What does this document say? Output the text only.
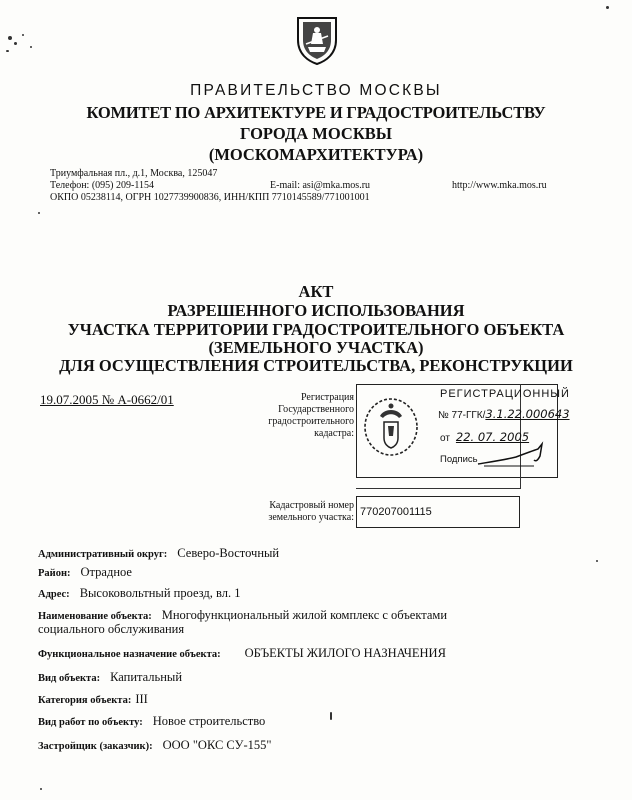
ПРАВИТЕЛЬСТВО МОСКВЫ
КОМИТЕТ ПО АРХИТЕКТУРЕ И ГРАДОСТРОИТЕЛЬСТВУ
ГОРОДА МОСКВЫ
(МОСКОМАРХИТЕКТУРА)
Триумфальная пл., д.1, Москва, 125047
Телефон: (095) 209-1154	E-mail: asi@mka.mos.ru	http://www.mka.mos.ru
ОКПО 05238114, ОГРН 1027739900836, ИНН/КПП 7710145589/771001001
АКТ
РАЗРЕШЕННОГО ИСПОЛЬЗОВАНИЯ
УЧАСТКА ТЕРРИТОРИИ ГРАДОСТРОИТЕЛЬНОГО ОБЪЕКТА
(ЗЕМЕЛЬНОГО УЧАСТКА)
ДЛЯ ОСУЩЕСТВЛЕНИЯ СТРОИТЕЛЬСТВА, РЕКОНСТРУКЦИИ
19.07.2005 № А-0662/01	Регистрация
Государственного
градостроительного
кадастра:
РЕГИСТРАЦИОННЫЙ
№ 77-ГГК/3.1.22.000643
от 22. 07. 2005
Подпись
Кадастровый номер
земельного участка: 770207001115
Административный округ: Северо-Восточный
Район: Отрадное
Адрес: Высоковольтный проезд, вл. 1
Наименование объекта: Многофункциональный жилой комплекс с объектами
социального обслуживания
Функциональное назначение объекта: ОБЪЕКТЫ ЖИЛОГО НАЗНАЧЕНИЯ
Вид объекта: Капитальный
Категория объекта: III
Вид работ по объекту: Новое строительство
Застройщик (заказчик): ООО "ОКС СУ-155"
